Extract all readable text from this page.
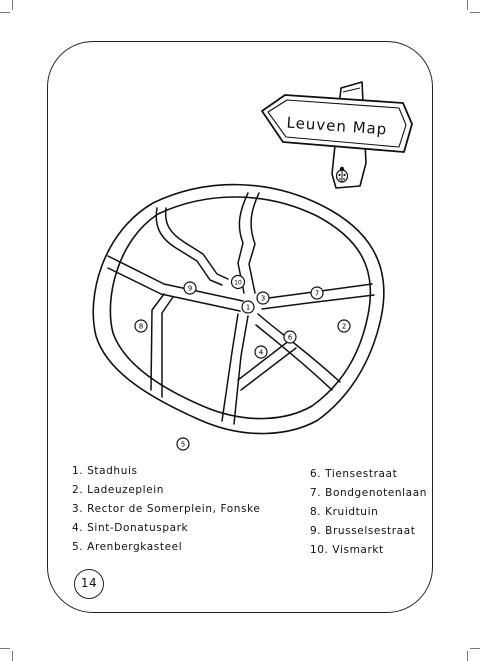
Leuven Map
1
2
3
4
5
6
7
8
9
10
1. Stadhuis
2. Ladeuzeplein
3. Rector de Somerplein, Fonske
4. Sint-Donatuspark
5. Arenbergkasteel
6. Tiensestraat
7. Bondgenotenlaan
8. Kruidtuin
9. Brusselsestraat
10. Vismarkt
14
